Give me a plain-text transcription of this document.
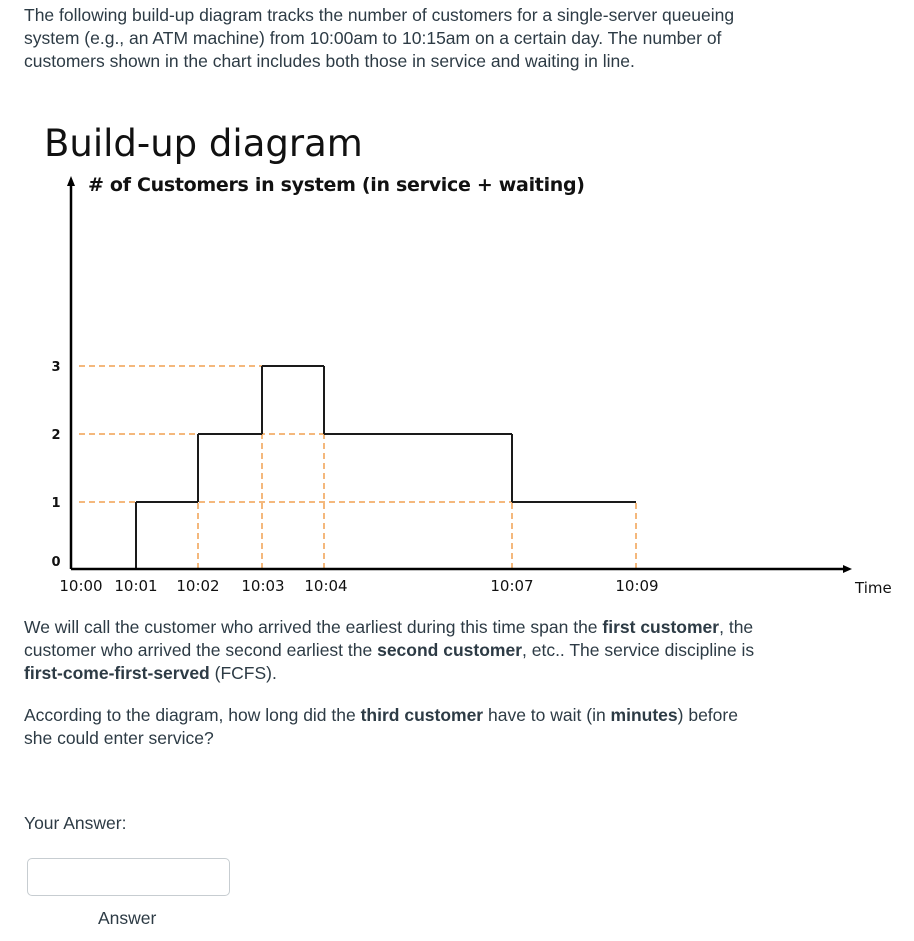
The following build-up diagram tracks the number of customers for a single-server queueing system (e.g., an ATM machine) from 10:00am to 10:15am on a certain day. The number of customers shown in the chart includes both those in service and waiting in line.

Build-up diagram
# of Customers in system (in service + waiting)
Time
10:00 10:01 10:02 10:03 10:04	10:07	10:09
0
1
2
3

We will call the customer who arrived the earliest during this time span the first customer, the customer who arrived the second earliest the second customer, etc.. The service discipline is first-come-first-served (FCFS).

According to the diagram, how long did the third customer have to wait (in minutes) before she could enter service?

Your Answer:
Answer
